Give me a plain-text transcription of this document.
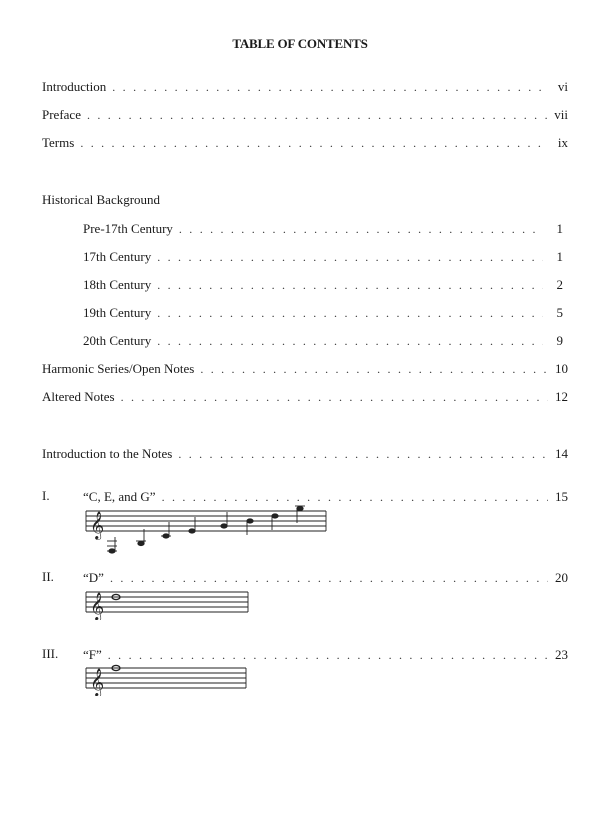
TABLE OF CONTENTS
Introduction . . .	vi
Preface . . .	vii
Terms . . .	ix
Historical Background
Pre-17th Century . . .	1
17th Century . . .	1
18th Century . . .	2
19th Century . . .	5
20th Century . . .	9
Harmonic Series/Open Notes . . .	10
Altered Notes . . .	12
Introduction to the Notes . . .	14
I.	“C, E, and G” . . .	15
𝄞
II. “D” . . .	20
𝄞
III. “F” . . .	23
𝄞
